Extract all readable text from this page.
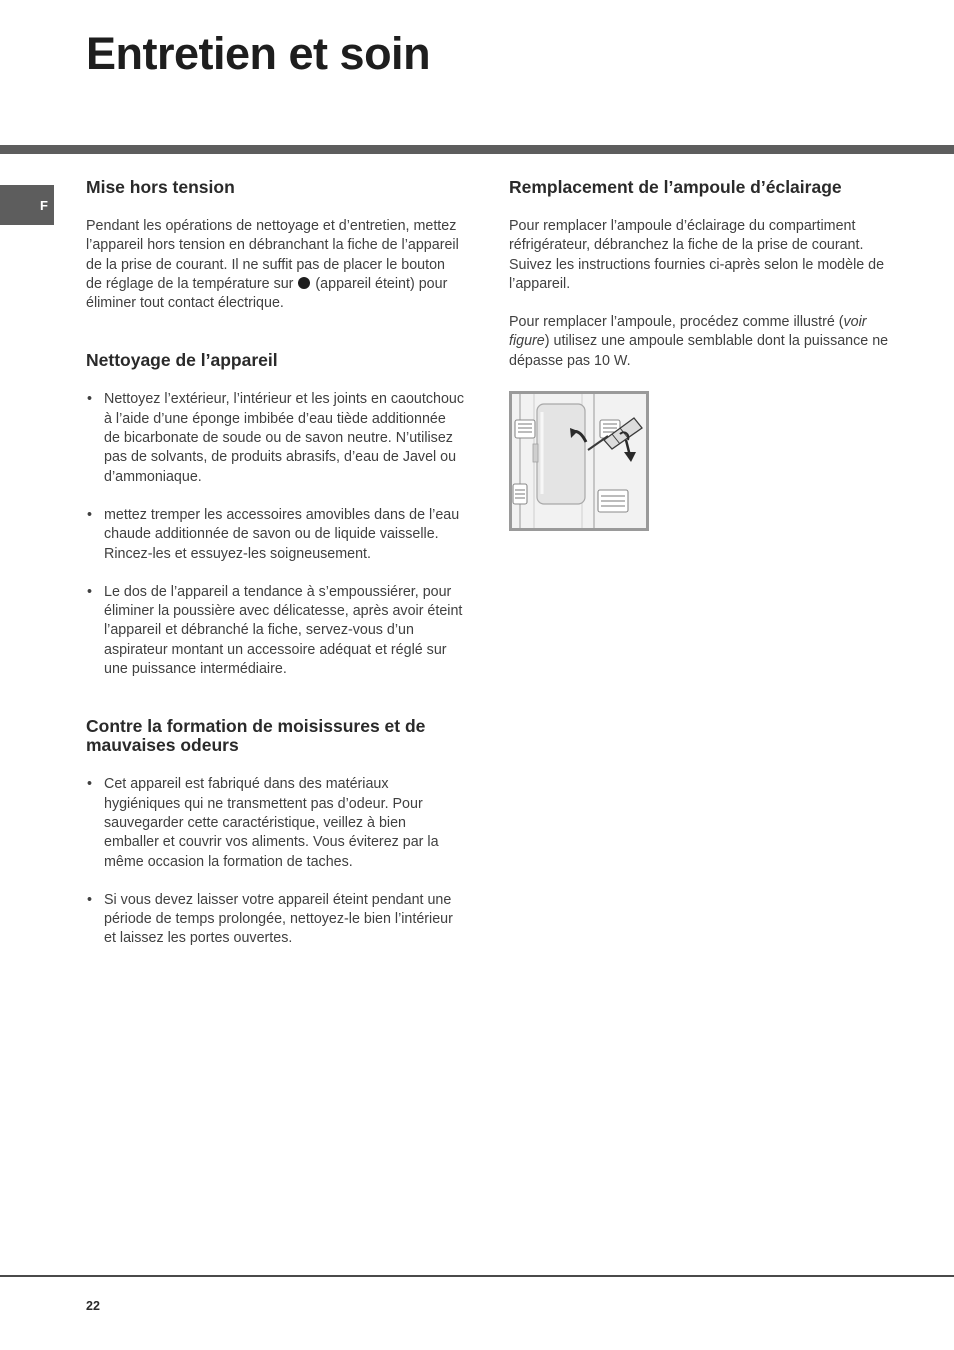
Entretien et soin
F
Mise hors tension

Pendant les opérations de nettoyage et d’entretien, mettez l’appareil hors tension en débranchant la fiche de l’appareil de la prise de courant. Il ne suffit pas de placer le bouton de réglage de la température sur (appareil éteint) pour éliminer tout contact électrique.

Nettoyage de l’appareil
• Nettoyez l’extérieur, l’intérieur et les joints en caoutchouc à l’aide d’une éponge imbibée d’eau tiède additionnée de bicarbonate de soude ou de savon neutre. N’utilisez pas de solvants, de produits abrasifs, d’eau de Javel ou d’ammoniaque.
• mettez tremper les accessoires amovibles dans de l’eau chaude additionnée de savon ou de liquide vaisselle. Rincez-les et essuyez-les soigneusement.
• Le dos de l’appareil a tendance à s’empoussiérer, pour éliminer la poussière avec délicatesse, après avoir éteint l’appareil et débranché la fiche, servez-vous d’un aspirateur montant un accessoire adéquat et réglé sur une puissance intermédiaire.
Contre la formation de moisissures et de mauvaises odeurs
• Cet appareil est fabriqué dans des matériaux hygiéniques qui ne transmettent pas d’odeur. Pour sauvegarder cette caractéristique, veillez à bien emballer et couvrir vos aliments. Vous éviterez par la même occasion la formation de taches.
• Si vous devez laisser votre appareil éteint pendant une période de temps prolongée, nettoyez-le bien l’intérieur et laissez les portes ouvertes.
Remplacement de l’ampoule d’éclairage

Pour remplacer l’ampoule d’éclairage du compartiment réfrigérateur, débranchez la fiche de la prise de courant. Suivez les instructions fournies ci-après selon le modèle de l’appareil.

Pour remplacer l’ampoule, procédez comme illustré (voir figure) utilisez une ampoule semblable dont la puissance ne dépasse pas 10 W.

22
